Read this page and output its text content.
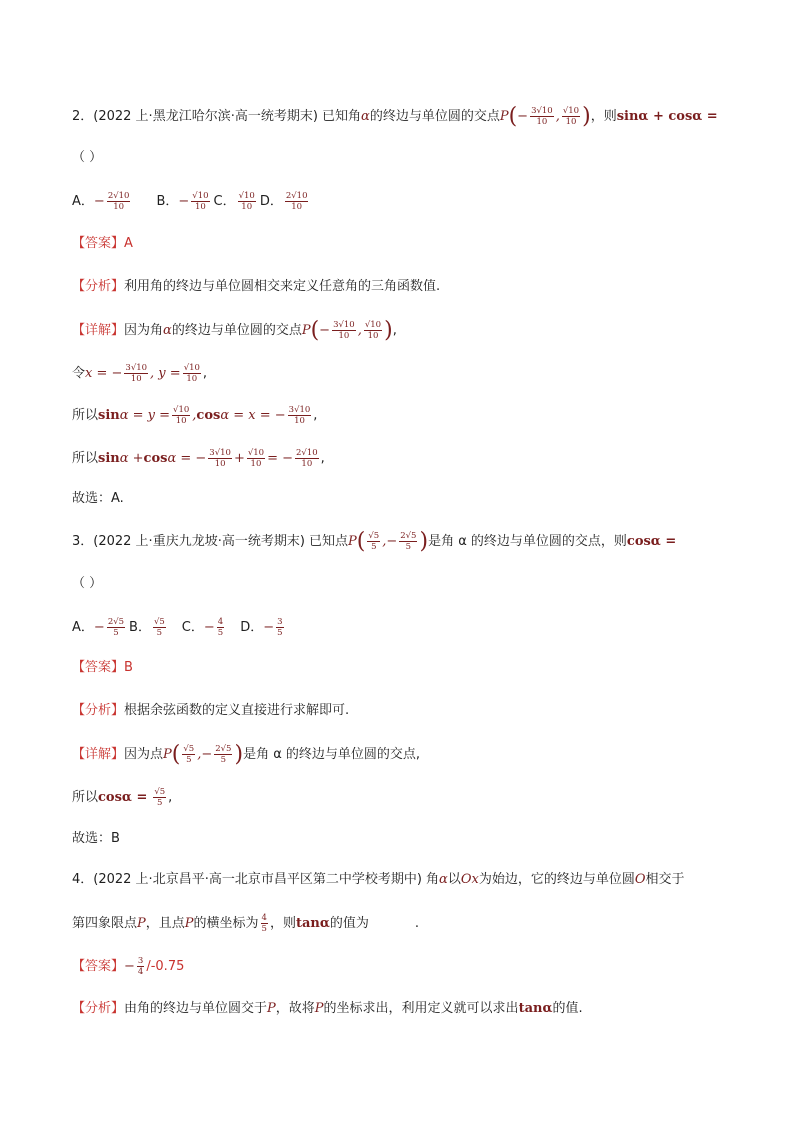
2．(2022 上·黑龙江哈尔滨·高一统考期末) 已知角 α 的终边与单位圆的交点 P ( − $\frac{3√10}{10}$ , $\frac{√10}{10}$ ) ，则 sinα + cosα =
（ ）
A． − $\frac{2√10}{10}$ B． − $\frac{√10}{10}$ C． $\frac{√10}{10}$ D． $\frac{2√10}{10}$
【答案】 A
【分析】 利用角的终边与单位圆相交来定义任意角的三角函数值.
【详解】 因为角 α 的终边与单位圆的交点 P ( − $\frac{3√10}{10}$ , $\frac{√10}{10}$ ) ,
令 x = − $\frac{3√10}{10}$ , $y = \frac{√10}{10}$ ,
所以 $\sin \alpha = y = \frac{√10}{10}$ , cos α = x = − $\frac{3√10}{10}$ ,
所以 sin α + cos α = − $\frac{3√10}{10} + \frac{√10}{10}$ = − $\frac{2√10}{10}$ ,
故选：A.
3．(2022 上·重庆九龙坡·高一统考期末) 已知点 P ( $\frac{√5}{5}$ ,− $\frac{2√5}{5}$ ) 是角 α 的终边与单位圆的交点，则 cosα =
（ ）
A． − $\frac{2√5}{5}$ B． $\frac{√5}{5}$ C． − $\frac{4}{5}$ D． − $\frac{3}{5}$
【答案】 B
【分析】 根据余弦函数的定义直接进行求解即可.
【详解】 因为点 P ( $\frac{√5}{5}$ ,− $\frac{2√5}{5}$ ) 是角 α 的终边与单位圆的交点,
所以 $\cos\alpha = \frac{√5}{5}$ ,
故选：B
4．(2022 上·北京昌平·高一北京市昌平区第二中学校考期中) 角 α 以 Ox 为始边，它的终边与单位圆 O 相交于
第四象限点 P ，且点 P 的横坐标为 $\frac{4}{5}$ ，则 tanα 的值为	.
【答案】 − $\frac{3}{4} /-0.75$
【分析】 由角的终边与单位圆交于 P ，故将 P 的坐标求出，利用定义就可以求出 tanα 的值.
